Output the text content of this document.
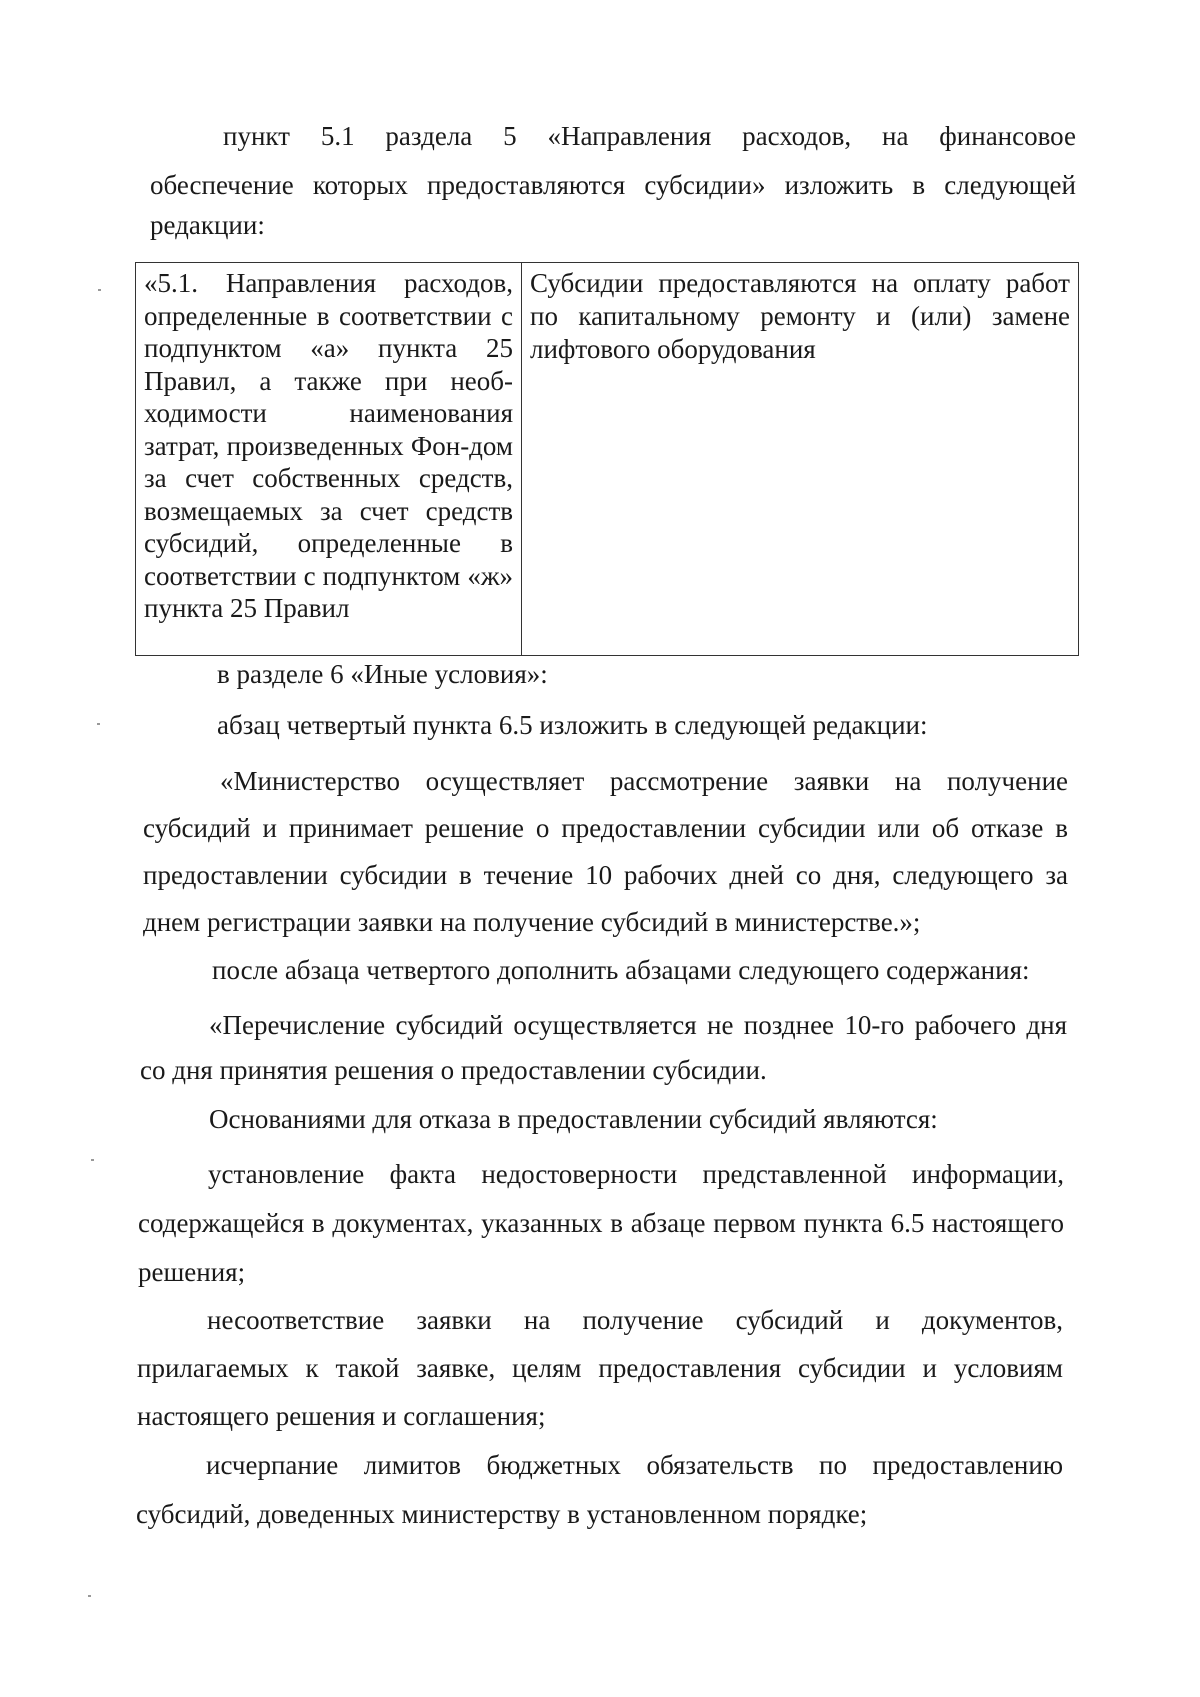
пункт 5.1 раздела 5 «Направления расходов, на финансовое

обеспечение которых предоставляются субсидии» изложить в следующей

редакции:

«5.1. Направления расходов, определенные в соответствии с подпунктом «а» пункта 25 Правил, а также при необ-ходимости наименования затрат, произведенных Фон-дом за счет собственных средств, возмещаемых за счет средств субсидий, определенные в соответствии с подпунктом «ж» пункта 25 Правил	Субсидии предоставляются на оплату работ по капитальному ремонту и (или) замене лифтового оборудования

в разделе 6 «Иные условия»:

абзац четвертый пункта 6.5 изложить в следующей редакции:

«Министерство осуществляет рассмотрение заявки на получение субсидий и принимает решение о предоставлении субсидии или об отказе в предоставлении субсидии в течение 10 рабочих дней со дня, следующего за днем регистрации заявки на получение субсидий в министерстве.»;

после абзаца четвертого дополнить абзацами следующего содержания:

«Перечисление субсидий осуществляется не позднее 10-го рабочего дня со дня принятия решения о предоставлении субсидии.

Основаниями для отказа в предоставлении субсидий являются:

установление факта недостоверности представленной информации, содержащейся в документах, указанных в абзаце первом пункта 6.5 настоящего решения;

несоответствие заявки на получение субсидий и документов, прилагаемых к такой заявке, целям предоставления субсидии и условиям настоящего решения и соглашения;

исчерпание лимитов бюджетных обязательств по предоставлению субсидий, доведенных министерству в установленном порядке;
